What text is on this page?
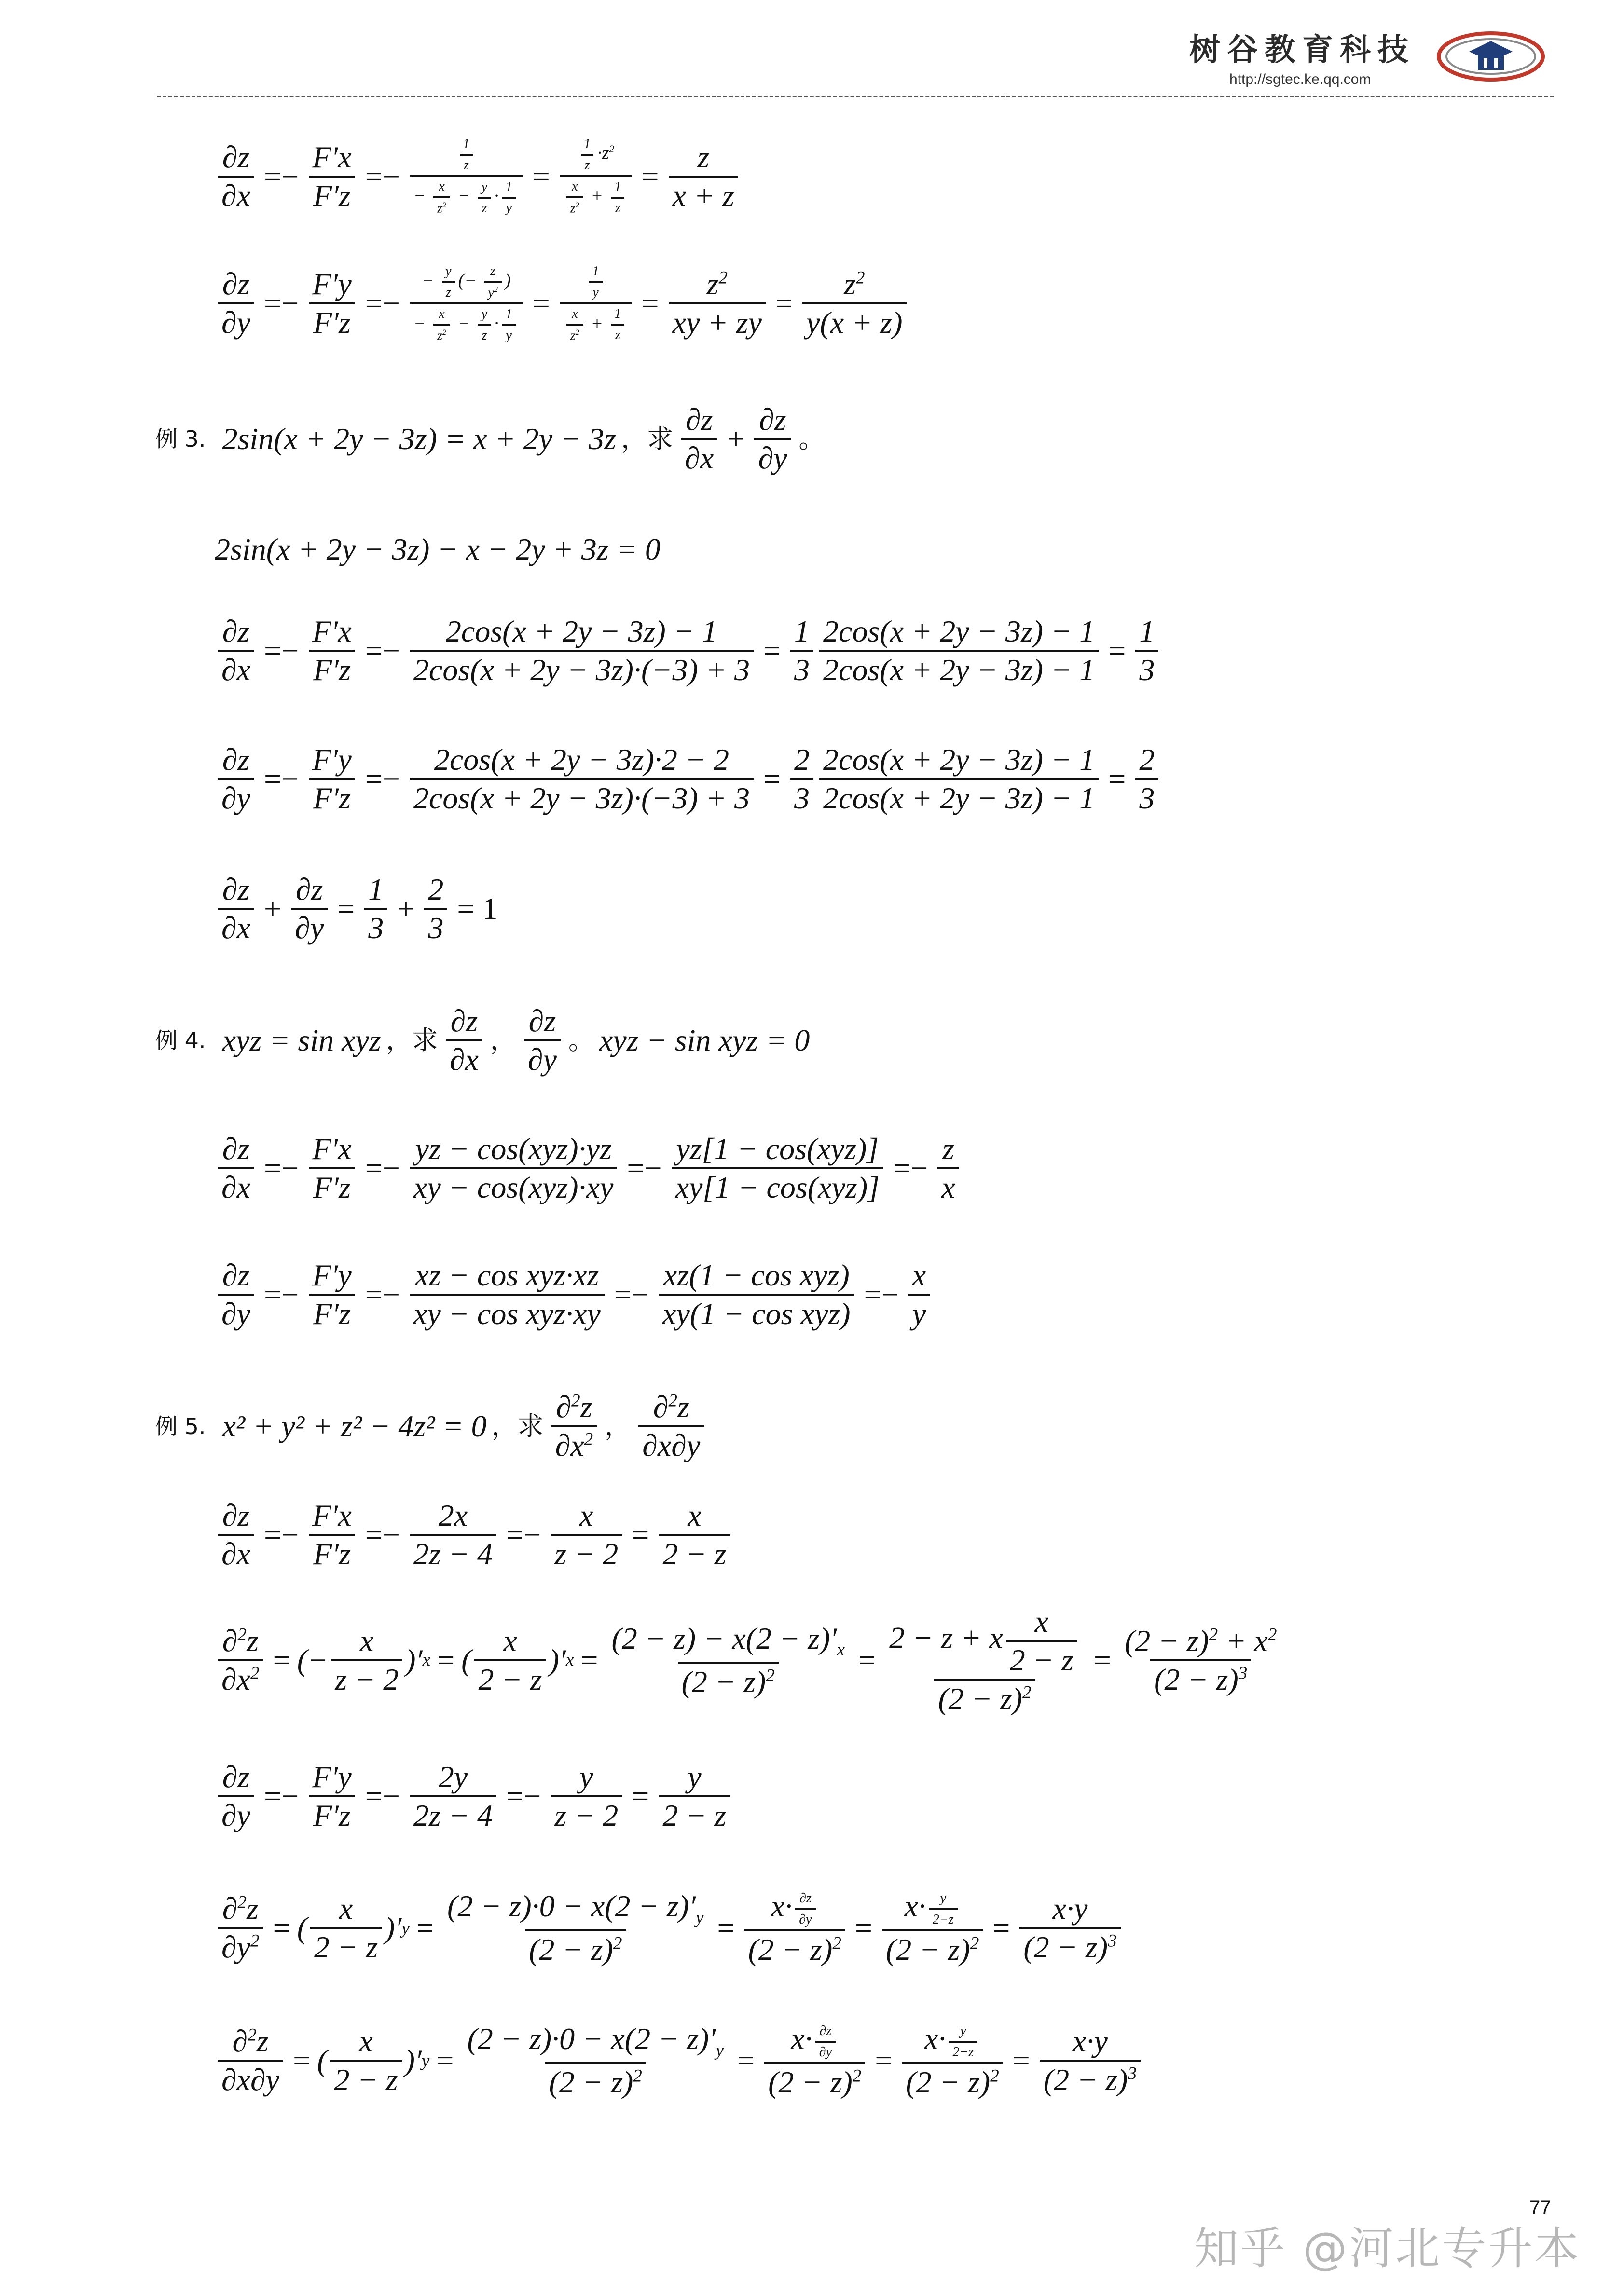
树谷教育科技
http://sgtec.ke.qq.com
$\frac{\partial z}{\partial x} =- \frac{F'x}{F'z} =- \frac{\frac{1}{z}}{- \frac{x}{z^2} - \frac{y}{z} \cdot \frac{1}{y}} = \frac{\frac{1}{z} \cdot z^2}{\frac{x}{z^2} + \frac{1}{z}} = \frac{z}{x + z}$
$\frac{\partial z}{\partial y} =- \frac{F'y}{F'z} =- \frac{- \frac{y}{z} (- \frac{z}{y^2} )}{- \frac{x}{z^2} - \frac{y}{z} \cdot \frac{1}{y}} = \frac{\frac{1}{y}}{\frac{x}{z^2} + \frac{1}{z}} = \frac{z^2}{xy + zy} = \frac{z^2}{y(x + z)}$
例 3. 2sin(x + 2y − 3z) = x + 2y − 3z ，求 $\frac{\partial z}{\partial x} + \frac{\partial z}{\partial y}$ 。
2sin(x + 2y − 3z) − x − 2y + 3z = 0
$\frac{\partial z}{\partial x} =- \frac{F'x}{F'z} =- \frac{2\cos(x + 2y - 3z) - 1}{2\cos(x + 2y - 3z)\cdot(-3) + 3} = \frac{1}{3} \frac{2\cos(x + 2y - 3z) - 1}{2\cos(x + 2y - 3z) - 1} = \frac{1}{3}$
$\frac{\partial z}{\partial y} =- \frac{F'y}{F'z} =- \frac{2\cos(x + 2y - 3z)\cdot 2 - 2}{2\cos(x + 2y - 3z)\cdot(-3) + 3} = \frac{2}{3} \frac{2\cos(x + 2y - 3z) - 1}{2\cos(x + 2y - 3z) - 1} = \frac{2}{3}$
$\frac{\partial z}{\partial x} + \frac{\partial z}{\partial y} = \frac{1}{3} + \frac{2}{3} = 1$
例 4. xyz = sin xyz ，求 $\frac{\partial z}{\partial x}$ ， $\frac{\partial z}{\partial y}$ 。 xyz − sin xyz = 0
$\frac{\partial z}{\partial x} =- \frac{F'x}{F'z} =- \frac{\text{yz − cos(xyz)·yz}}{\text{xy − cos(xyz)·xy}} =- \frac{\text{yz[1 − cos(xyz)]}}{\text{xy[1 − cos(xyz)]}} =- \frac{z}{x}$
$\frac{\partial z}{\partial y} =- \frac{F'y}{F'z} =- \frac{\text{xz − cos xyz·xz}}{\text{xy − cos xyz·xy}} =- \frac{\text{xz(1 − cos xyz)}}{\text{xy(1 − cos xyz)}} =- \frac{x}{y}$
例 5. x² + y² + z² − 4z² = 0 ，求 $\frac{\partial^2z}{\partial x^2}$ ， $\frac{\partial^2z}{\partial x\partial y}$
$\frac{\partial z}{\partial x} =- \frac{F'x}{F'z} =- \frac{2x}{2z - 4} =- \frac{x}{z - 2} = \frac{x}{2 - z}$
$\frac{\partial^2z}{\partial x^2}$ = (− $\frac{x}{z - 2}$ )′ x = ( $\frac{x}{2 - z}$ )′ $x = \frac{(2 - z) - x(2 - z)'_x}{(2 - z)^2} = \frac{2 - z + x \frac{x}{2 - z}}{(2 - z)^2} = \frac{(2 - z)^2 + x^2}{(2 - z)^3}$
$\frac{\partial z}{\partial y} =- \frac{F'y}{F'z} =- \frac{2y}{2z - 4} =- \frac{y}{z - 2} = \frac{y}{2 - z}$
$\frac{\partial^2z}{\partial y^2}$ = ( $\frac{x}{2 - z}$ )′ $y = \frac{(2 - z)\cdot 0 - x(2 - z)'_y}{(2 - z)^2} = \frac{x\cdot \frac{\partial z}{\partial y}}{(2 - z)^2} = \frac{x\cdot \frac{y}{2-z}}{(2 - z)^2} = \frac{x\cdot y}{(2 - z)^3}$
$\frac{\partial^2z}{\partial x\partial y}$ = ( $\frac{x}{2 - z}$ )′ $y = \frac{(2 - z)\cdot 0 - x(2 - z)'_y}{(2 - z)^2} = \frac{x\cdot \frac{\partial z}{\partial y}}{(2 - z)^2} = \frac{x\cdot \frac{y}{2-z}}{(2 - z)^2} = \frac{x\cdot y}{(2 - z)^3}$
77
知乎 @河北专升本
